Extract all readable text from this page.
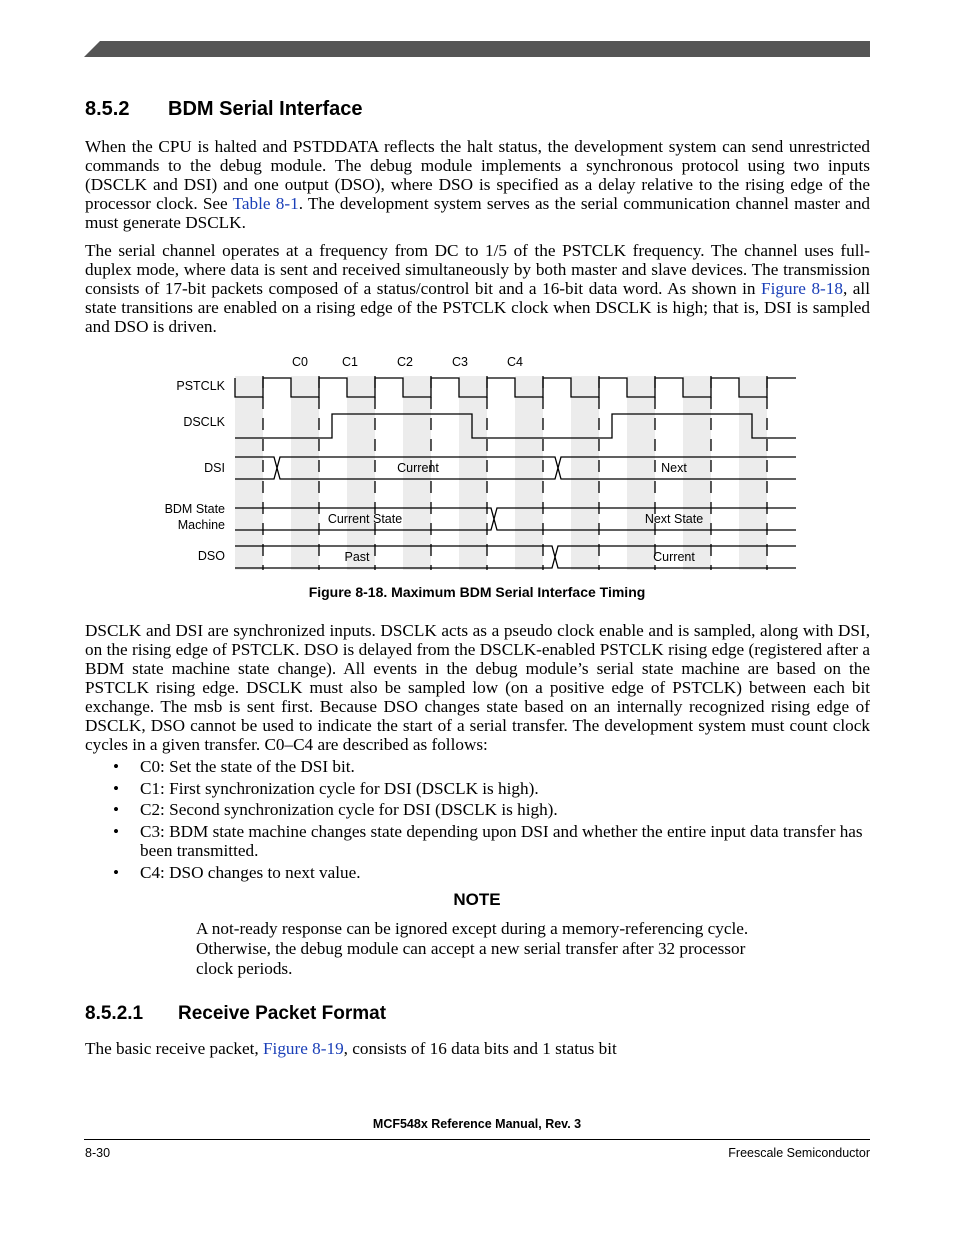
8.5.2 BDM Serial Interface

When the CPU is halted and PSTDDATA reflects the halt status, the development system can send unrestricted commands to the debug module. The debug module implements a synchronous protocol using two inputs (DSCLK and DSI) and one output (DSO), where DSO is specified as a delay relative to the rising edge of the processor clock. See Table 8-1. The development system serves as the serial communication channel master and must generate DSCLK.

The serial channel operates at a frequency from DC to 1/5 of the PSTCLK frequency. The channel uses full-duplex mode, where data is sent and received simultaneously by both master and slave devices. The transmission consists of 17-bit packets composed of a status/control bit and a 16-bit data word. As shown in Figure 8-18, all state transitions are enabled on a rising edge of the PSTCLK clock when DSCLK is high; that is, DSI is sampled and DSO is driven.

C0	C1	C2	C3	C4
PSTCLK
DSCLK
DSI
BDM State
Machine
DSO
Current	Next
Current State	Next State
Past	Current

Figure 8-18. Maximum BDM Serial Interface Timing

DSCLK and DSI are synchronized inputs. DSCLK acts as a pseudo clock enable and is sampled, along with DSI, on the rising edge of PSTCLK. DSO is delayed from the DSCLK-enabled PSTCLK rising edge (registered after a BDM state machine state change). All events in the debug module’s serial state machine are based on the PSTCLK rising edge. DSCLK must also be sampled low (on a positive edge of PSTCLK) between each bit exchange. The msb is sent first. Because DSO changes state based on an internally recognized rising edge of DSCLK, DSO cannot be used to indicate the start of a serial transfer. The development system must count clock cycles in a given transfer. C0–C4 are described as follows:

• C0: Set the state of the DSI bit.
• C1: First synchronization cycle for DSI (DSCLK is high).
• C2: Second synchronization cycle for DSI (DSCLK is high).
• C3: BDM state machine changes state depending upon DSI and whether the entire input data transfer has been transmitted.
• C4: DSO changes to next value.

NOTE

A not-ready response can be ignored except during a memory-referencing cycle. Otherwise, the debug module can accept a new serial transfer after 32 processor clock periods.

8.5.2.1 Receive Packet Format

The basic receive packet, Figure 8-19, consists of 16 data bits and 1 status bit

MCF548x Reference Manual, Rev. 3

8-30	Freescale Semiconductor
